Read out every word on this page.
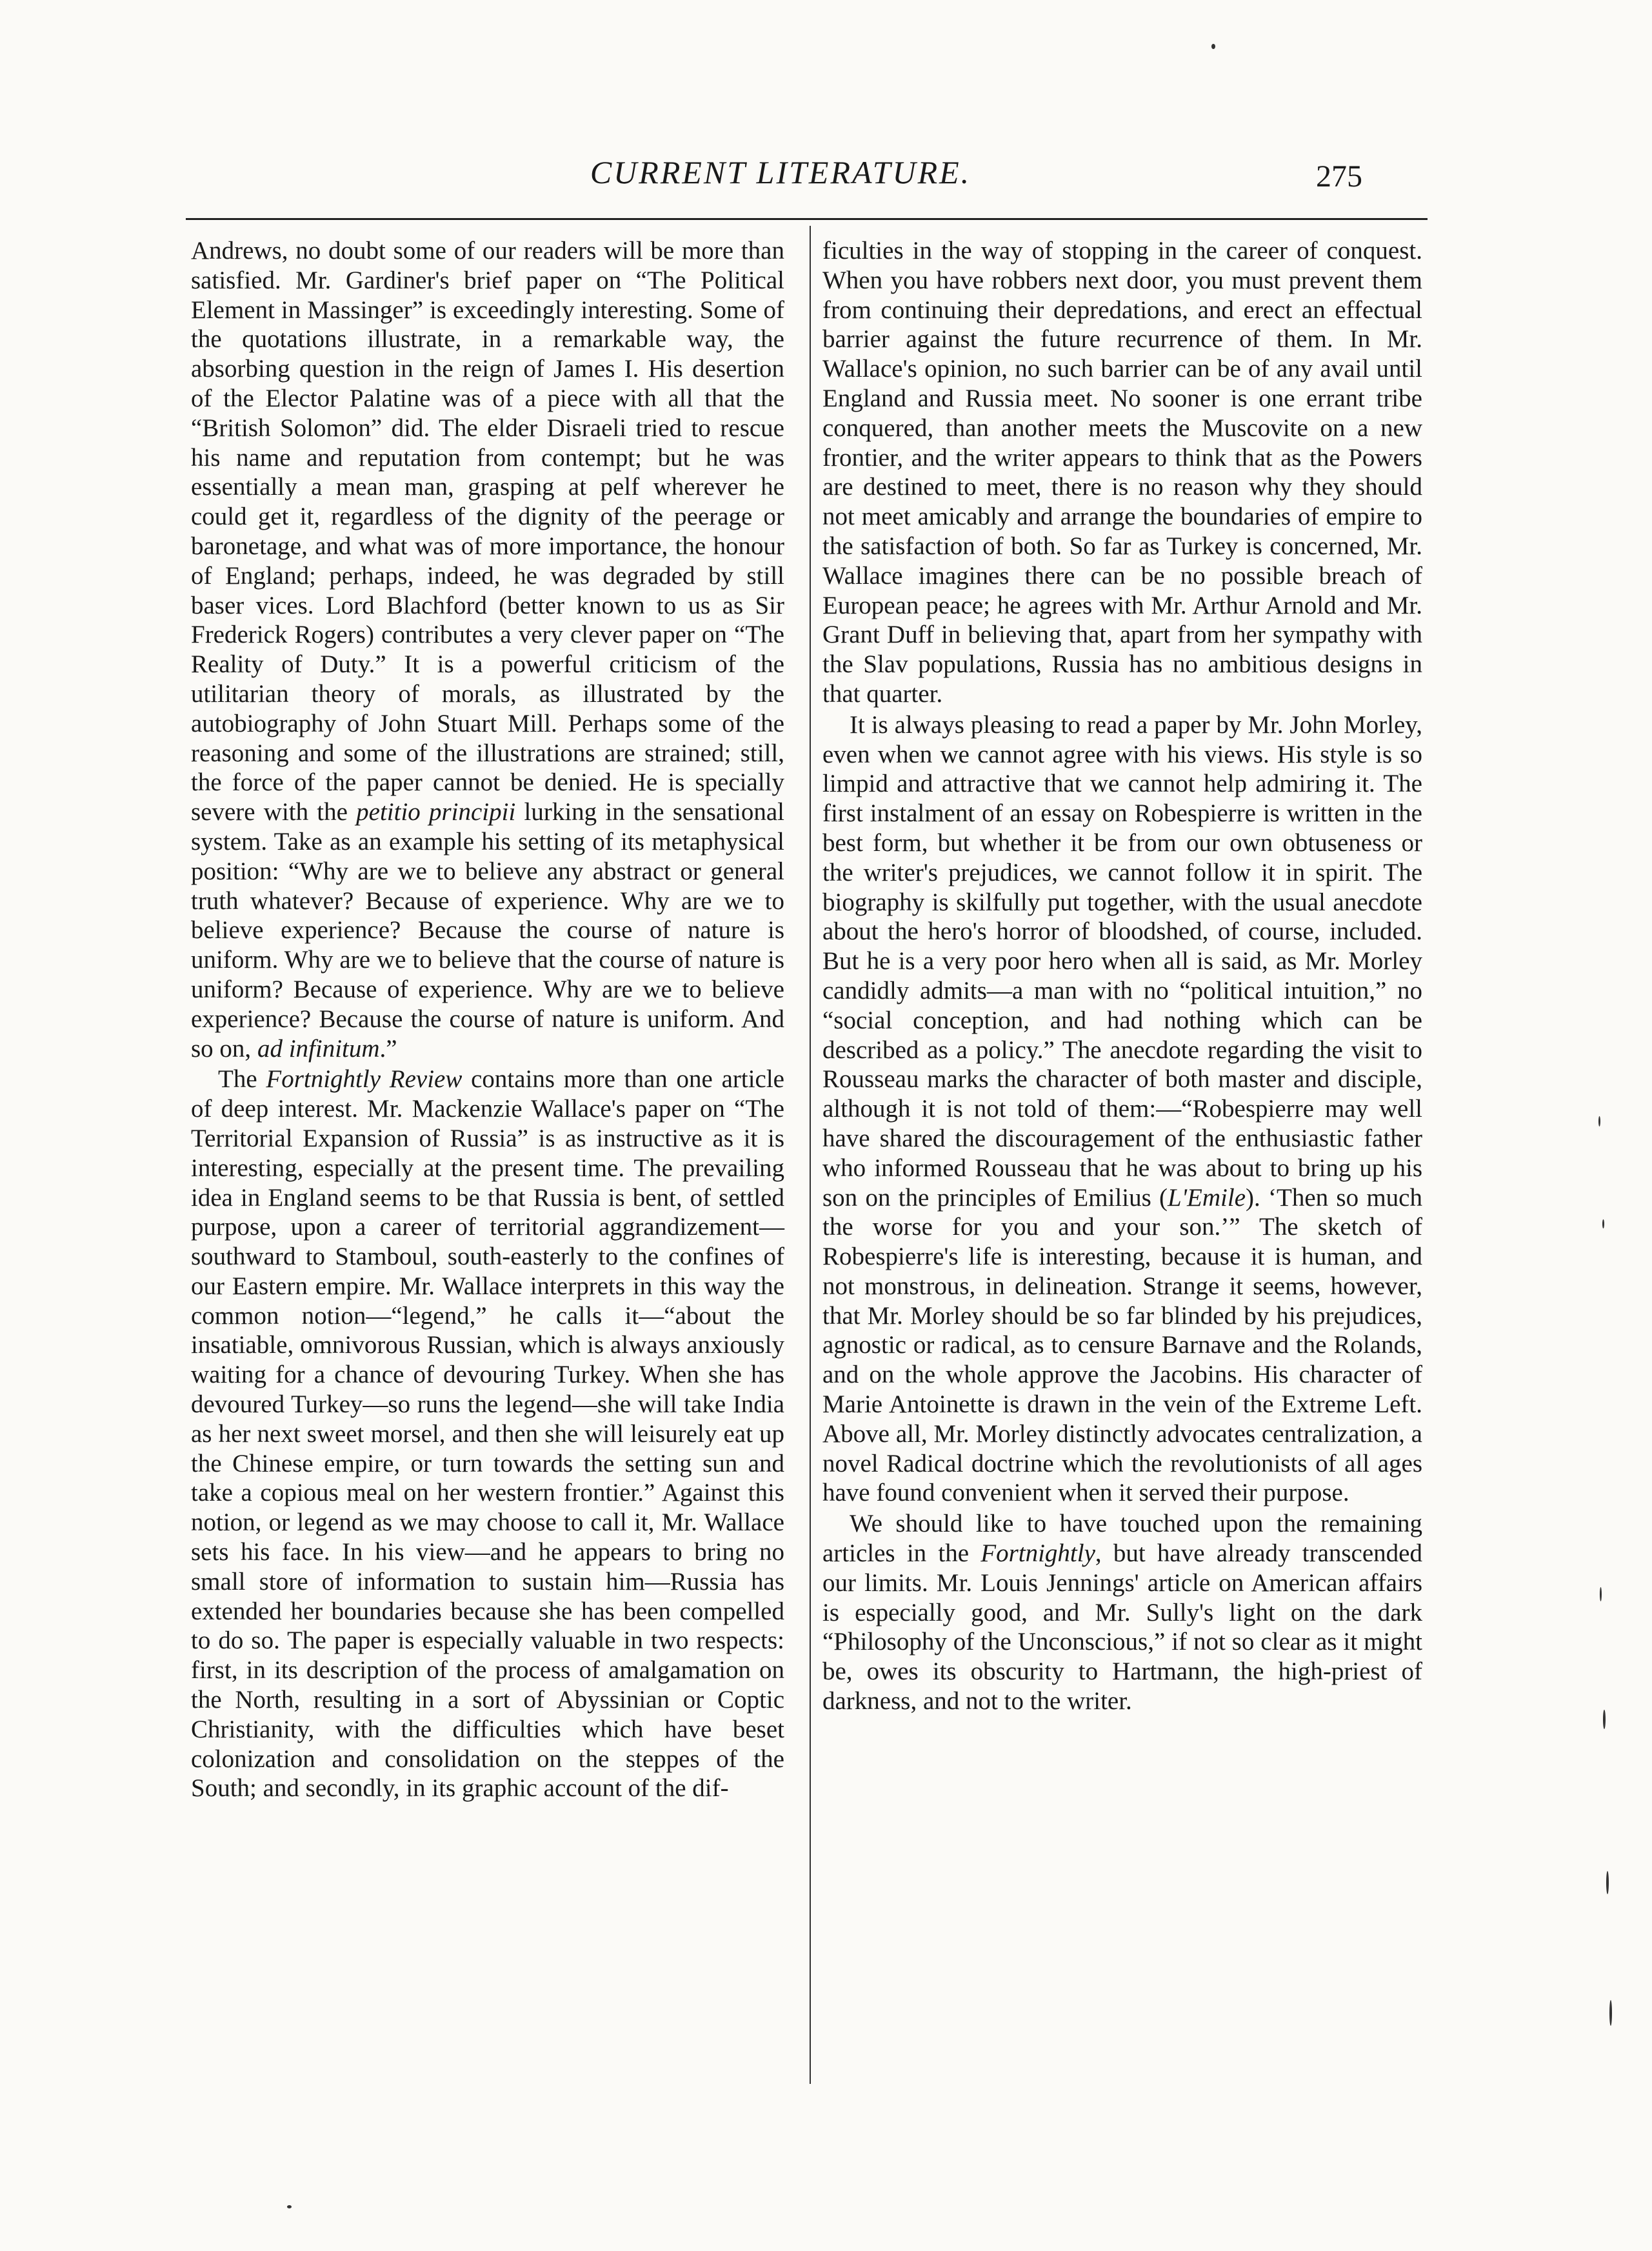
CURRENT LITERATURE.	275

Andrews, no doubt some of our readers will be more than satisfied. Mr. Gardiner's brief paper on “The Political Element in Massinger” is exceedingly interesting. Some of the quotations illustrate, in a remarkable way, the absorbing question in the reign of James I. His desertion of the Elector Palatine was of a piece with all that the “British Solomon” did. The elder Disraeli tried to rescue his name and reputation from contempt; but he was essentially a mean man, grasping at pelf wherever he could get it, regardless of the dignity of the peerage or baronetage, and what was of more importance, the honour of England; perhaps, indeed, he was degraded by still baser vices. Lord Blachford (better known to us as Sir Frederick Rogers) contributes a very clever paper on “The Reality of Duty.” It is a powerful criticism of the utilitarian theory of morals, as illustrated by the autobiography of John Stuart Mill. Perhaps some of the reasoning and some of the illustrations are strained; still, the force of the paper cannot be denied. He is specially severe with the petitio principii lurking in the sensational system. Take as an example his setting of its metaphysical position: “Why are we to believe any abstract or general truth whatever? Because of experience. Why are we to believe experience? Because the course of nature is uniform. Why are we to believe that the course of nature is uniform? Because of experience. Why are we to believe experience? Because the course of nature is uniform. And so on, ad infinitum.”

The Fortnightly Review contains more than one article of deep interest. Mr. Mackenzie Wallace's paper on “The Territorial Expansion of Russia” is as instructive as it is interesting, especially at the present time. The prevailing idea in England seems to be that Russia is bent, of settled purpose, upon a career of territorial aggrandizement—southward to Stamboul, south-easterly to the confines of our Eastern empire. Mr. Wallace interprets in this way the common notion—“legend,” he calls it—“about the insatiable, omnivorous Russian, which is always anxiously waiting for a chance of devouring Turkey. When she has devoured Turkey—so runs the legend—she will take India as her next sweet morsel, and then she will leisurely eat up the Chinese empire, or turn towards the setting sun and take a copious meal on her western frontier.” Against this notion, or legend as we may choose to call it, Mr. Wallace sets his face. In his view—and he appears to bring no small store of information to sustain him—Russia has extended her boundaries because she has been compelled to do so. The paper is especially valuable in two respects: first, in its description of the process of amalgamation on the North, resulting in a sort of Abyssinian or Coptic Christianity, with the difficulties which have beset colonization and consolidation on the steppes of the South; and secondly, in its graphic account of the dif-

ficulties in the way of stopping in the career of conquest. When you have robbers next door, you must prevent them from continuing their depredations, and erect an effectual barrier against the future recurrence of them. In Mr. Wallace's opinion, no such barrier can be of any avail until England and Russia meet. No sooner is one errant tribe conquered, than another meets the Muscovite on a new frontier, and the writer appears to think that as the Powers are destined to meet, there is no reason why they should not meet amicably and arrange the boundaries of empire to the satisfaction of both. So far as Turkey is concerned, Mr. Wallace imagines there can be no possible breach of European peace; he agrees with Mr. Arthur Arnold and Mr. Grant Duff in believing that, apart from her sympathy with the Slav populations, Russia has no ambitious designs in that quarter.

It is always pleasing to read a paper by Mr. John Morley, even when we cannot agree with his views. His style is so limpid and attractive that we cannot help admiring it. The first instalment of an essay on Robespierre is written in the best form, but whether it be from our own obtuseness or the writer's prejudices, we cannot follow it in spirit. The biography is skilfully put together, with the usual anecdote about the hero's horror of bloodshed, of course, included. But he is a very poor hero when all is said, as Mr. Morley candidly admits—a man with no “political intuition,” no “social conception, and had nothing which can be described as a policy.” The anecdote regarding the visit to Rousseau marks the character of both master and disciple, although it is not told of them:—“Robespierre may well have shared the discouragement of the enthusiastic father who informed Rousseau that he was about to bring up his son on the principles of Emilius (L'Emile). ‘Then so much the worse for you and your son.’” The sketch of Robespierre's life is interesting, because it is human, and not monstrous, in delineation. Strange it seems, however, that Mr. Morley should be so far blinded by his prejudices, agnostic or radical, as to censure Barnave and the Rolands, and on the whole approve the Jacobins. His character of Marie Antoinette is drawn in the vein of the Extreme Left. Above all, Mr. Morley distinctly advocates centralization, a novel Radical doctrine which the revolutionists of all ages have found convenient when it served their purpose.

We should like to have touched upon the remaining articles in the Fortnightly, but have already transcended our limits. Mr. Louis Jennings' article on American affairs is especially good, and Mr. Sully's light on the dark “Philosophy of the Unconscious,” if not so clear as it might be, owes its obscurity to Hartmann, the high-priest of darkness, and not to the writer.
